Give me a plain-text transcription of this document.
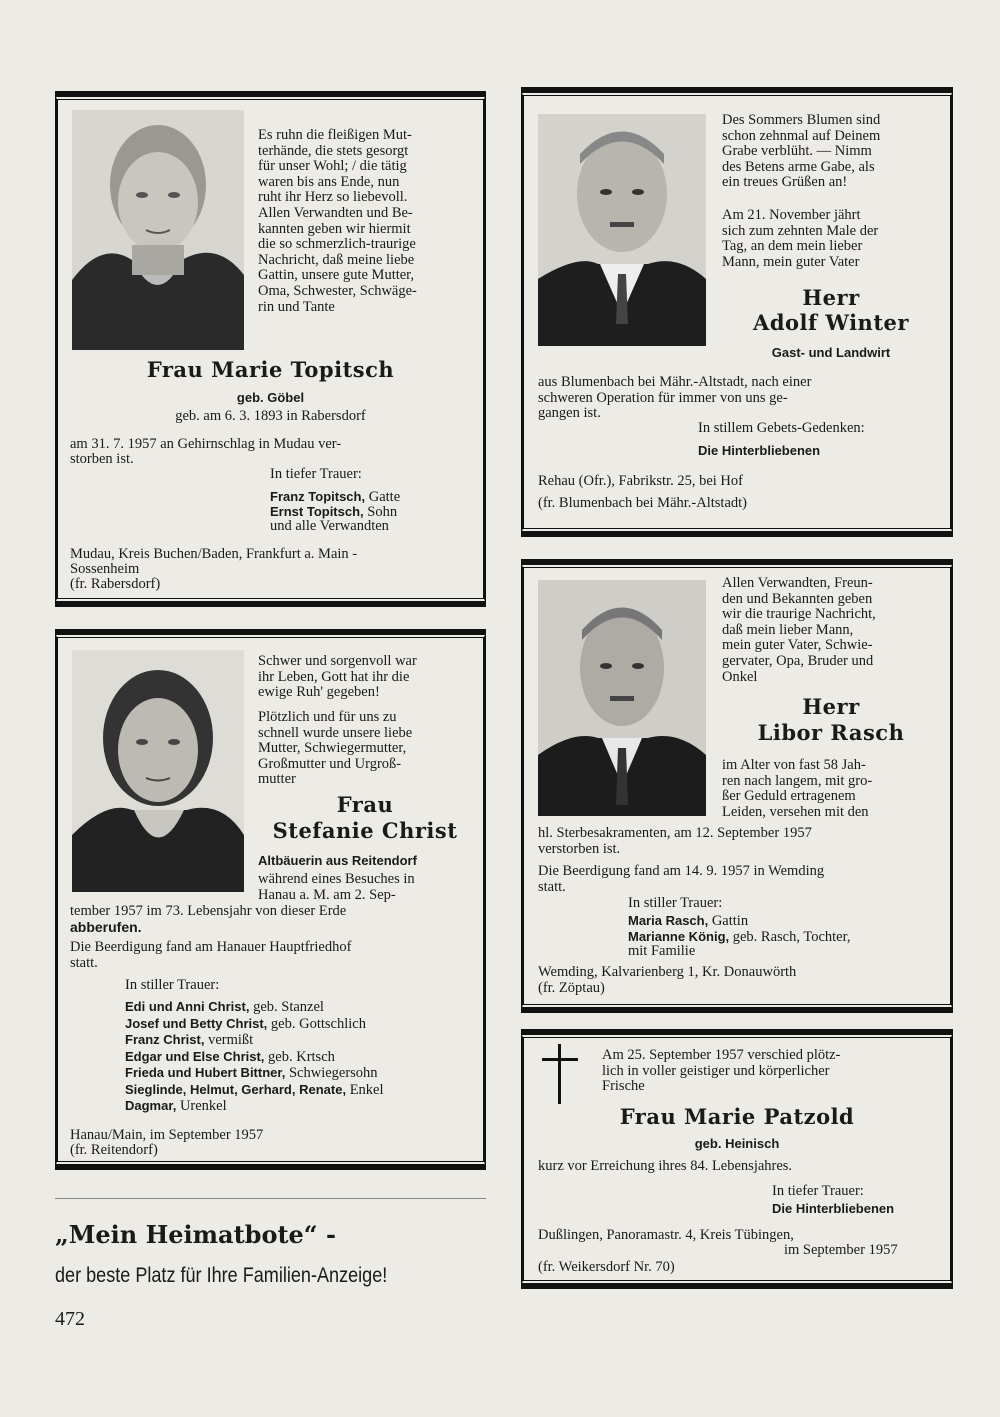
Es ruhn die fleißigen Mut-
terhände, die stets gesorgt
für unser Wohl; / die tätig
waren bis ans Ende, nun
ruht ihr Herz so liebevoll.
Allen Verwandten und Be-
kannten geben wir hiermit
die so schmerzlich-traurige
Nachricht, daß meine liebe
Gattin, unsere gute Mutter,
Oma, Schwester, Schwäge-
rin und Tante
Frau Marie Topitsch
geb. Göbel
geb. am 6. 3. 1893 in Rabersdorf
am 31. 7. 1957 an Gehirnschlag in Mudau ver-
storben ist.
In tiefer Trauer:
Franz Topitsch, Gatte
Ernst Topitsch, Sohn
und alle Verwandten
Mudau, Kreis Buchen/Baden, Frankfurt a. Main -
Sossenheim
(fr. Rabersdorf)
Des Sommers Blumen sind
schon zehnmal auf Deinem
Grabe verblüht. — Nimm
des Betens arme Gabe, als
ein treues Grüßen an!
Am 21. November jährt
sich zum zehnten Male der
Tag, an dem mein lieber
Mann, mein guter Vater
Herr
Adolf Winter
Gast- und Landwirt
aus Blumenbach bei Mähr.-Altstadt, nach einer
schweren Operation für immer von uns ge-
gangen ist.
In stillem Gebets-Gedenken:
Die Hinterbliebenen
Rehau (Ofr.), Fabrikstr. 25, bei Hof
(fr. Blumenbach bei Mähr.-Altstadt)
Schwer und sorgenvoll war
ihr Leben, Gott hat ihr die
ewige Ruh' gegeben!
Plötzlich und für uns zu
schnell wurde unsere liebe
Mutter, Schwiegermutter,
Großmutter und Urgroß-
mutter
Frau
Stefanie Christ
Altbäuerin aus Reitendorf
während eines Besuches in
Hanau a. M. am 2. Sep-
tember 1957 im 73. Lebensjahr von dieser Erde
abberufen.
Die Beerdigung fand am Hanauer Hauptfriedhof
statt.
In stiller Trauer:
Edi und Anni Christ, geb. Stanzel
Josef und Betty Christ, geb. Gottschlich
Franz Christ, vermißt
Edgar und Else Christ, geb. Krtsch
Frieda und Hubert Bittner, Schwiegersohn
Sieglinde, Helmut, Gerhard, Renate, Enkel
Dagmar, Urenkel
Hanau/Main, im September 1957
(fr. Reitendorf)
Allen Verwandten, Freun-
den und Bekannten geben
wir die traurige Nachricht,
daß mein lieber Mann,
mein guter Vater, Schwie-
gervater, Opa, Bruder und
Onkel
Herr
Libor Rasch
im Alter von fast 58 Jah-
ren nach langem, mit gro-
ßer Geduld ertragenem
Leiden, versehen mit den
hl. Sterbesakramenten, am 12. September 1957
verstorben ist.
Die Beerdigung fand am 14. 9. 1957 in Wemding
statt.
In stiller Trauer:
Maria Rasch, Gattin
Marianne König, geb. Rasch, Tochter,
mit Familie
Wemding, Kalvarienberg 1, Kr. Donauwörth
(fr. Zöptau)
Am 25. September 1957 verschied plötz-
lich in voller geistiger und körperlicher
Frische
Frau Marie Patzold
geb. Heinisch
kurz vor Erreichung ihres 84. Lebensjahres.
In tiefer Trauer:
Die Hinterbliebenen
Dußlingen, Panoramastr. 4, Kreis Tübingen,
im September 1957
(fr. Weikersdorf Nr. 70)
„Mein Heimatbote“ -
der beste Platz für Ihre Familien-Anzeige!
472
